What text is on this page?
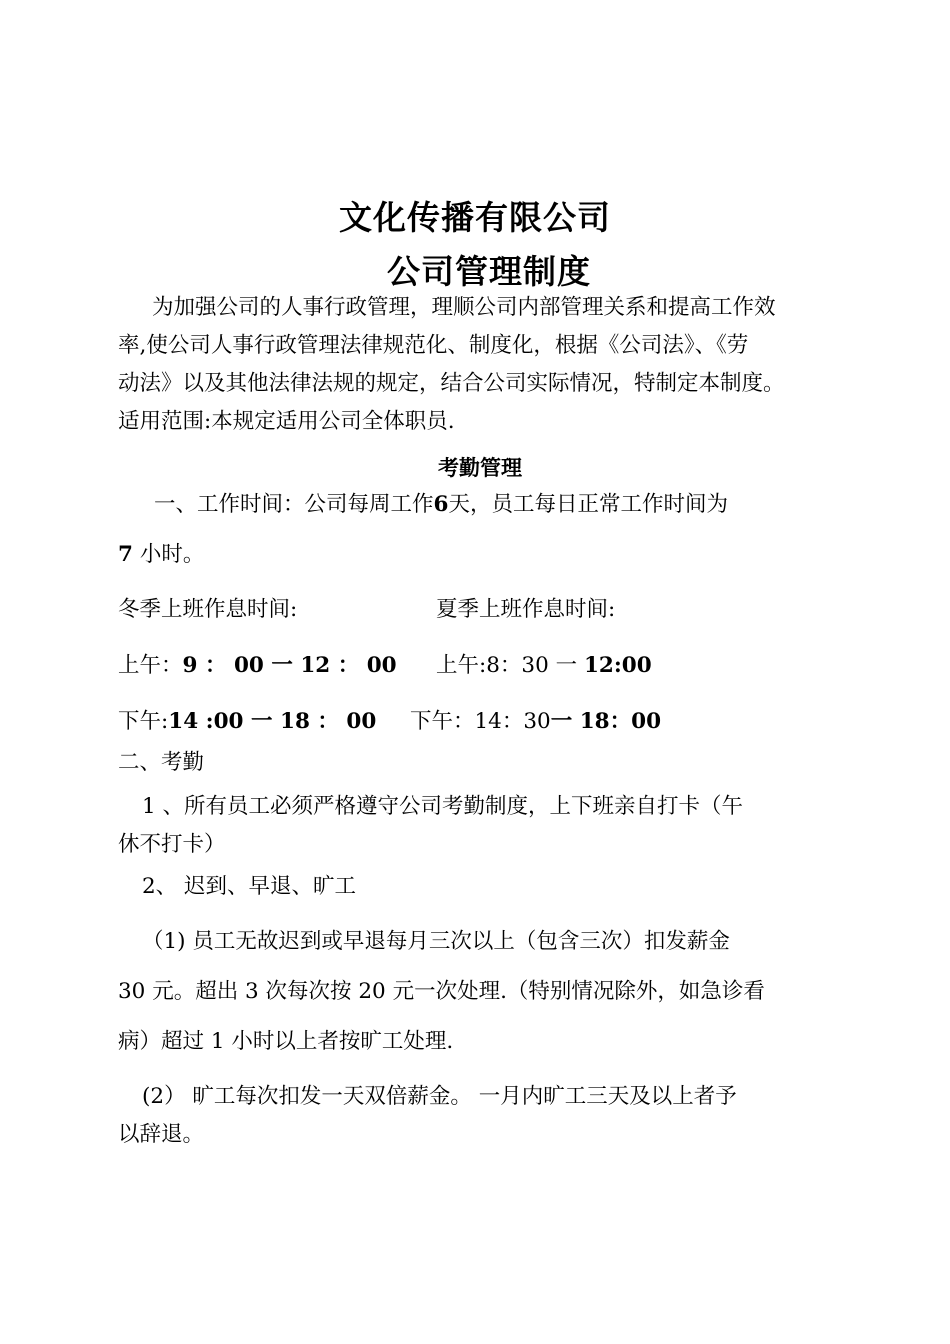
文化传播有限公司
公司管理制度
为加强公司的人事行政管理，理顺公司内部管理关系和提高工作效
率,使公司人事行政管理法律规范化、制度化，根据《公司法》、《劳
动法》以及其他法律法规的规定，结合公司实际情况，特制定本制度。
适用范围:本规定适用公司全体职员.
考勤管理
一、工作时间：公司每周工作6天，员工每日正常工作时间为
7 小时。
冬季上班作息时间:	夏季上班作息时间:
上午：9 ： 00 一 12 ： 00 上午:8：30 一 12:00
下午:14 :00 一 18 ： 00 下午：14：30一 18：00
二、考勤
1 、所有员工必须严格遵守公司考勤制度，上下班亲自打卡（午
休不打卡）
2、 迟到、早退、旷工
（1) 员工无故迟到或早退每月三次以上（包含三次）扣发薪金
30 元。超出 3 次每次按 20 元一次处理.（特别情况除外，如急诊看
病）超过 1 小时以上者按旷工处理.
(2） 旷工每次扣发一天双倍薪金。 一月内旷工三天及以上者予
以辞退。
